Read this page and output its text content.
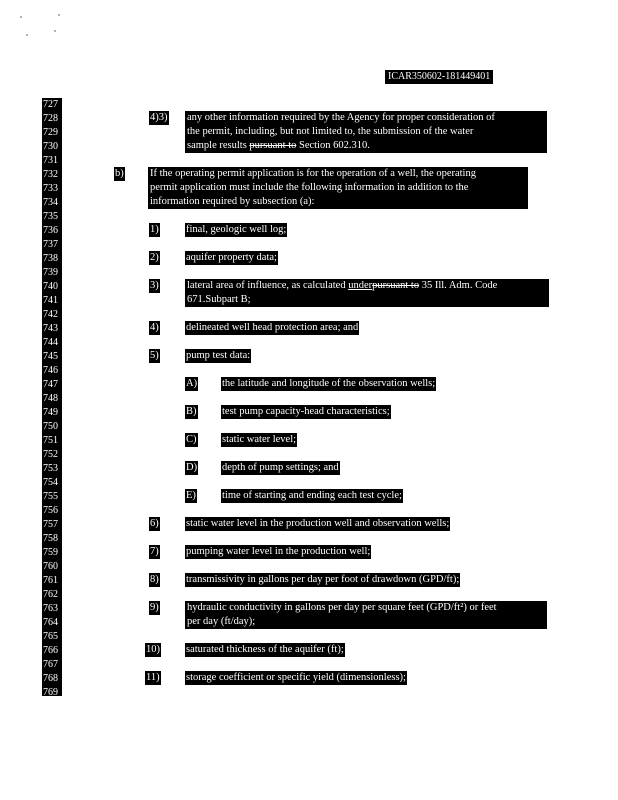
ICAR350602-181449401
727
728
729
730
731
732
733
734
735
736
737
738
739
740
741
742
743
744
745
746
747
748
749
750
751
752
753
754
755
756
757
758
759
760
761
762
763
764
765
766
767
768
769
4)3) any other information required by the Agency for proper consideration of
the permit, including, but not limited to, the submission of the water
sample results pursuant to Section 602.310.
b)	If the operating permit application is for the operation of a well, the operating
permit application must include the following information in addition to the
information required by subsection (a):
1)	final, geologic well log;
2)	aquifer property data;
3)	lateral area of influence, as calculated underpursuant to 35 Ill. Adm. Code
671.Subpart B;
4)	delineated well head protection area; and
5)	pump test data:
A) the latitude and longitude of the observation wells;
B) test pump capacity-head characteristics;
C) static water level;
D) depth of pump settings; and
E) time of starting and ending each test cycle;
6)	static water level in the production well and observation wells;
7)	pumping water level in the production well;
8)	transmissivity in gallons per day per foot of drawdown (GPD/ft);
9)	hydraulic conductivity in gallons per day per square feet (GPD/ft²) or feet
per day (ft/day);
10) saturated thickness of the aquifer (ft);
11)	storage coefficient or specific yield (dimensionless);
